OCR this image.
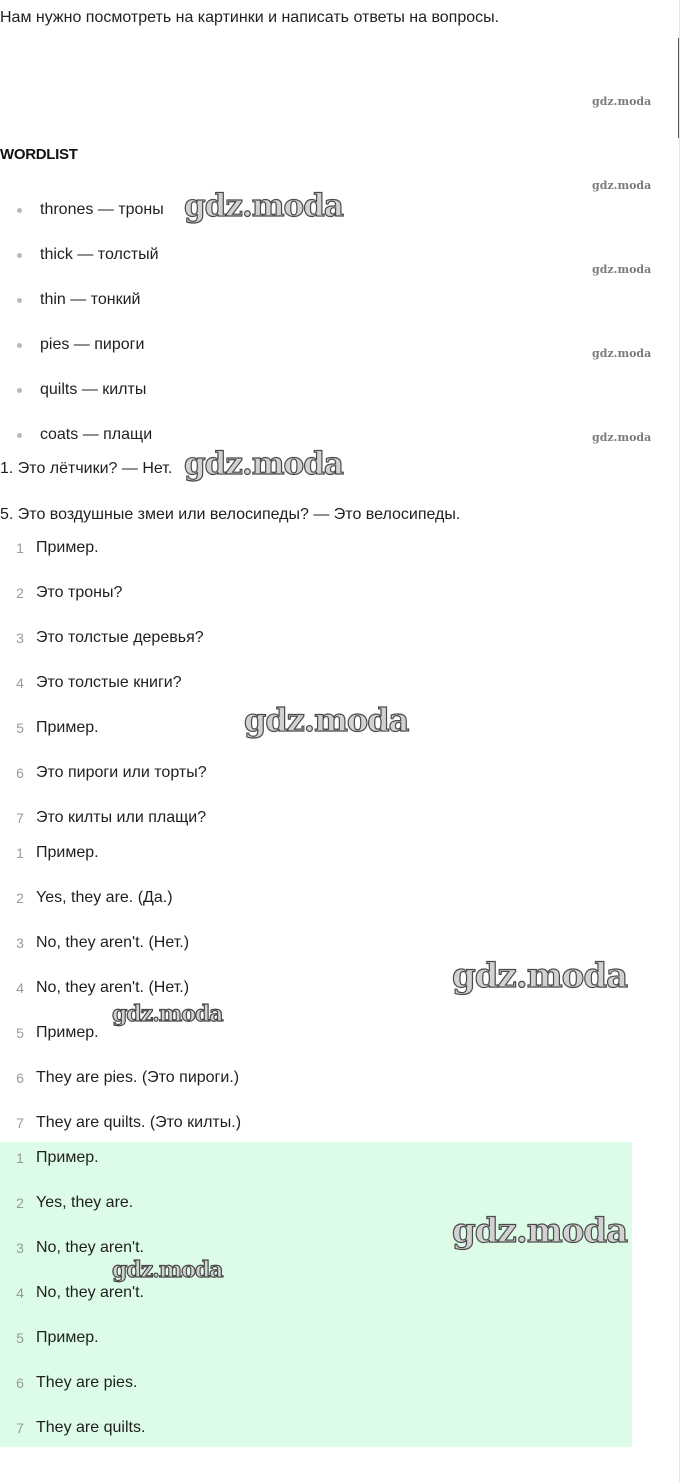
Нам нужно посмотреть на картинки и написать ответы на вопросы.
WORDLIST
thrones — троны
thick — толстый
thin — тонкий
pies — пироги
quilts — килты
coats — плащи
1. Это лётчики? — Нет.
5. Это воздушные змеи или велосипеды? — Это велосипеды.
1 Пример.
2 Это троны?
3 Это толстые деревья?
4 Это толстые книги?
5 Пример.
6 Это пироги или торты?
7 Это килты или плащи?
1 Пример.
2 Yes, they are. (Да.)
3 No, they aren't. (Нет.)
4 No, they aren't. (Нет.)
5 Пример.
6 They are pies. (Это пироги.)
7 They are quilts. (Это килты.)
1 Пример.
2 Yes, they are.
3 No, they aren't.
4 No, they aren't.
5 Пример.
6 They are pies.
7 They are quilts.
gdz.moda
gdz.moda
gdz.moda
gdz.moda
gdz.moda
gdz.moda
gdz.moda
gdz.moda
gdz.moda
gdz.moda
gdz.moda
gdz.moda
